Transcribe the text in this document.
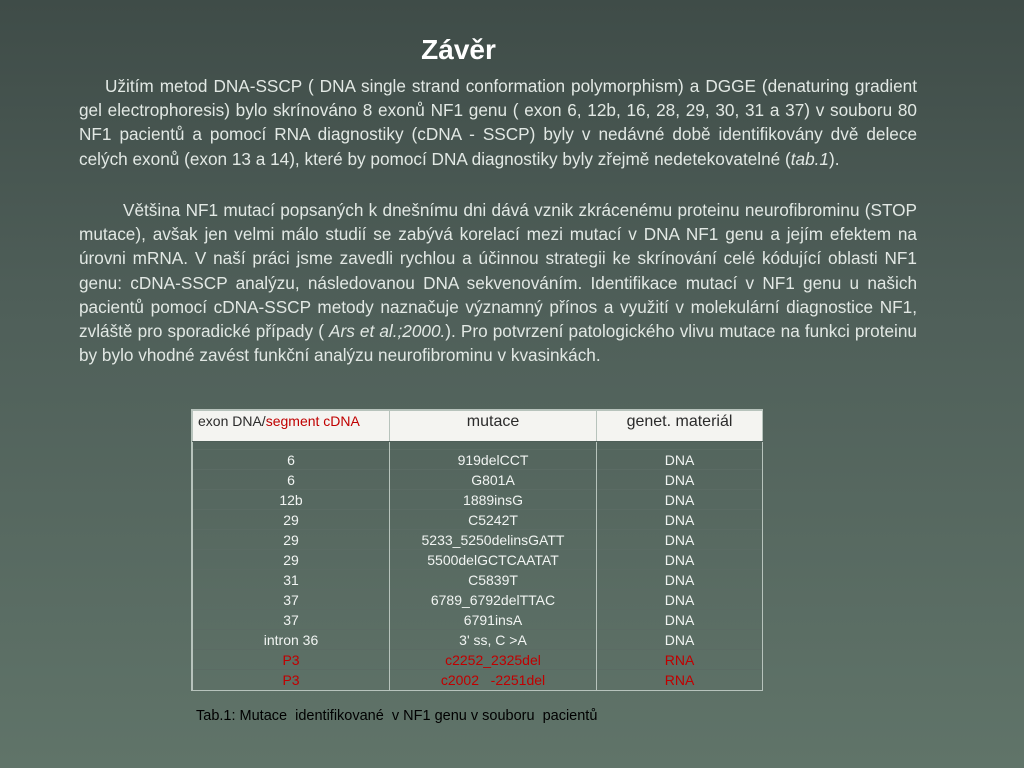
Závěr

Užitím metod DNA-SSCP ( DNA single strand conformation polymorphism) a DGGE (denaturing gradient gel electrophoresis) bylo skrínováno 8 exonů NF1 genu ( exon 6, 12b, 16, 28, 29, 30, 31 a 37) v souboru 80 NF1 pacientů a pomocí RNA diagnostiky (cDNA - SSCP) byly v nedávné době identifikovány dvě delece celých exonů (exon 13 a 14), které by pomocí DNA diagnostiky byly zřejmě nedetekovatelné (tab.1).

Většina NF1 mutací popsaných k dnešnímu dni dává vznik zkrácenému proteinu neurofibrominu (STOP mutace), avšak jen velmi málo studií se zabývá korelací mezi mutací v DNA NF1 genu a jejím efektem na úrovni mRNA. V naší práci jsme zavedli rychlou a účinnou strategii ke skrínování celé kódující oblasti NF1 genu: cDNA-SSCP analýzu, následovanou DNA sekvenováním. Identifikace mutací v NF1 genu u našich pacientů pomocí cDNA-SSCP metody naznačuje významný přínos a využití v molekulární diagnostice NF1, zvláště pro sporadické případy ( Ars et al.;2000.). Pro potvrzení patologického vlivu mutace na funkci proteinu by bylo vhodné zavést funkční analýzu neurofibrominu v kvasinkách.

exon DNA/segment cDNA	mutace	genet. materiál

6	919delCCT	DNA
6	G801A	DNA
12b	1889insG	DNA
29	C5242T	DNA
29	5233_5250delinsGATT	DNA
29	5500delGCTCAATAT	DNA
31	C5839T	DNA
37	6789_6792delTTAC	DNA
37	6791insA	DNA
intron 36	3' ss, C >A	DNA
P3	c2252_2325del	RNA
P3	c2002   -2251del	RNA

Tab.1: Mutace  identifikované  v NF1 genu v souboru  pacientů
